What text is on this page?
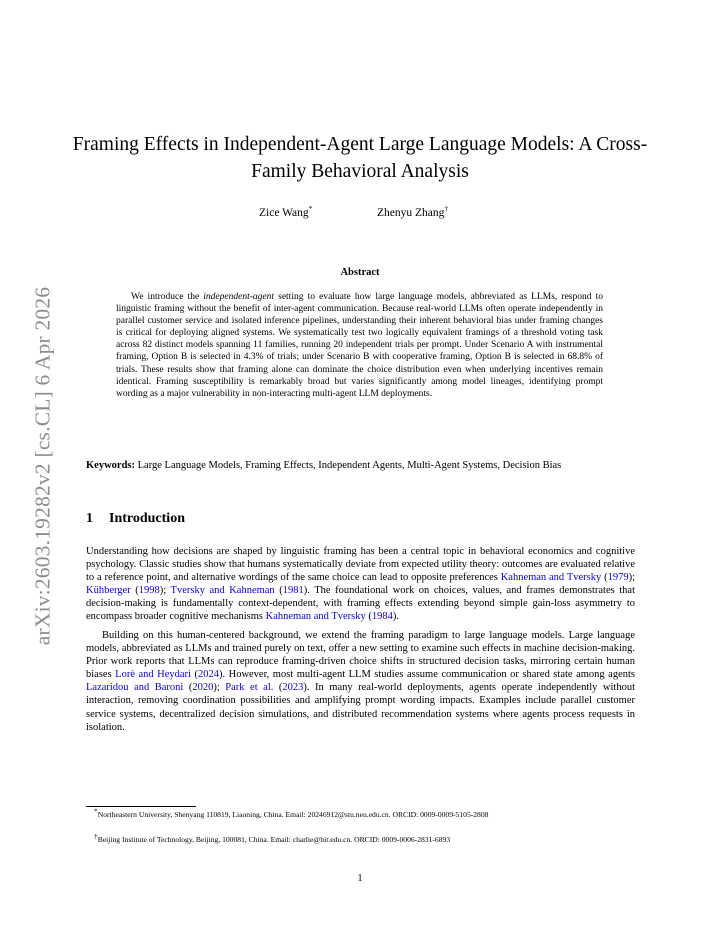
arXiv:2603.19282v2 [cs.CL] 6 Apr 2026
Framing Effects in Independent-Agent Large Language Models: A Cross-Family Behavioral Analysis
Zice Wang*	Zhenyu Zhang†
Abstract

We introduce the independent-agent setting to evaluate how large language models, abbreviated as LLMs, respond to linguistic framing without the benefit of inter-agent communication. Because real-world LLMs often operate independently in parallel customer service and isolated inference pipelines, understanding their inherent behavioral bias under framing changes is critical for deploying aligned systems. We systematically test two logically equivalent framings of a threshold voting task across 82 distinct models spanning 11 families, running 20 independent trials per prompt. Under Scenario A with instrumental framing, Option B is selected in 4.3% of trials; under Scenario B with cooperative framing, Option B is selected in 68.8% of trials. These results show that framing alone can dominate the choice distribution even when underlying incentives remain identical. Framing susceptibility is remarkably broad but varies significantly among model lineages, identifying prompt wording as a major vulnerability in non-interacting multi-agent LLM deployments.

Keywords: Large Language Models, Framing Effects, Independent Agents, Multi-Agent Systems, Decision Bias

1 Introduction

Understanding how decisions are shaped by linguistic framing has been a central topic in behavioral economics and cognitive psychology. Classic studies show that humans systematically deviate from expected utility theory: outcomes are evaluated relative to a reference point, and alternative wordings of the same choice can lead to opposite preferences Kahneman and Tversky (1979); Kühberger (1998); Tversky and Kahneman (1981). The foundational work on choices, values, and frames demonstrates that decision-making is fundamentally context-dependent, with framing effects extending beyond simple gain-loss asymmetry to encompass broader cognitive mechanisms Kahneman and Tversky (1984).

Building on this human-centered background, we extend the framing paradigm to large language models. Large language models, abbreviated as LLMs and trained purely on text, offer a new setting to examine such effects in machine decision-making. Prior work reports that LLMs can reproduce framing-driven choice shifts in structured decision tasks, mirroring certain human biases Lorè and Heydari (2024). However, most multi-agent LLM studies assume communication or shared state among agents Lazaridou and Baroni (2020); Park et al. (2023). In many real-world deployments, agents operate independently without interaction, removing coordination possibilities and amplifying prompt wording impacts. Examples include parallel customer service systems, decentralized decision simulations, and distributed recommendation systems where agents process requests in isolation.

*Northeastern University, Shenyang 110819, Liaoning, China. Email: 20246912@stu.neu.edu.cn. ORCID: 0009-0009-5105-2808

†Beijing Institute of Technology, Beijing, 100081, China. Email: charlie@bit.edu.cn. ORCID: 0009-0006-2831-6893

1
